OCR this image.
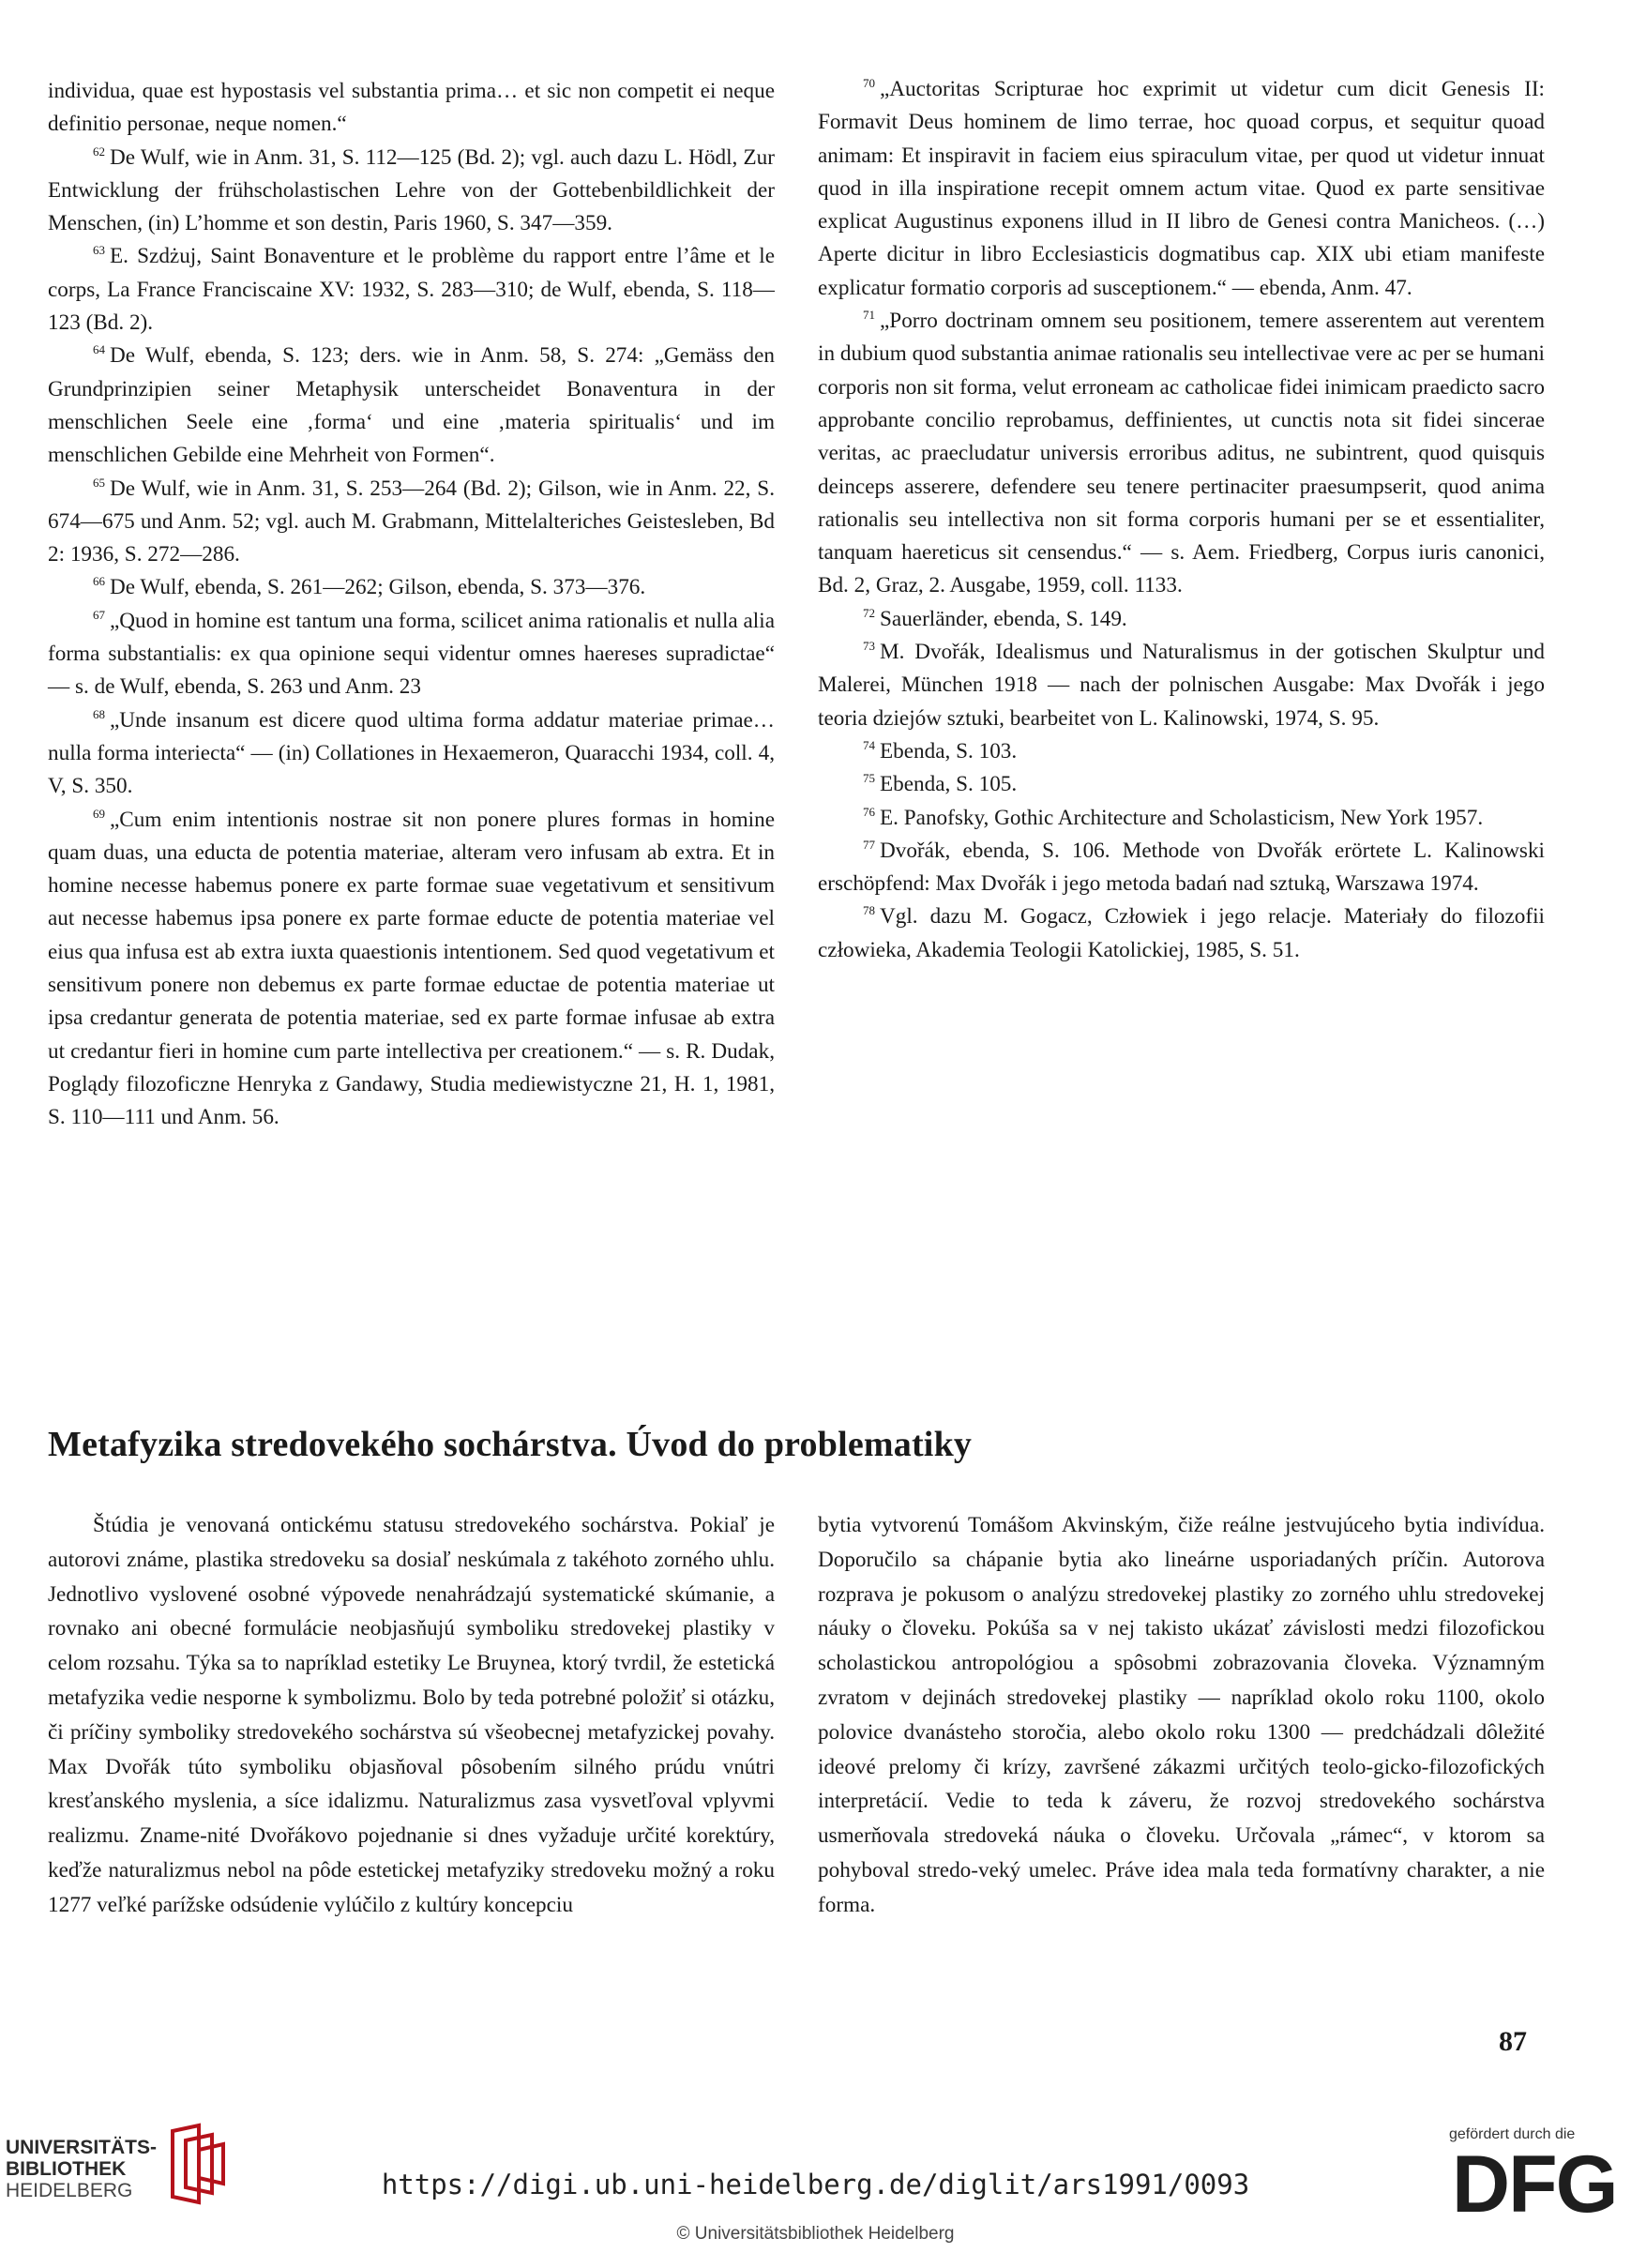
individua, quae est hypostasis vel substantia prima… et sic non competit ei neque definitio personae, neque nomen.“

$^{62}$ De Wulf, wie in Anm. 31, S. 112—125 (Bd. 2); vgl. auch dazu L. Hödl, Zur Entwicklung der frühscholastischen Lehre von der Gottebenbildlichkeit der Menschen, (in) L’homme et son destin, Paris 1960, S. 347—359.

$^{63}$ E. Szdżuj, Saint Bonaventure et le problème du rapport entre l’âme et le corps, La France Franciscaine XV: 1932, S. 283—310; de Wulf, ebenda, S. 118—123 (Bd. 2).

$^{64}$ De Wulf, ebenda, S. 123; ders. wie in Anm. 58, S. 274: „Gemäss den Grundprinzipien seiner Metaphysik unterscheidet Bonaventura in der menschlichen Seele eine ‚forma‘ und eine ‚materia spiritualis‘ und im menschlichen Gebilde eine Mehrheit von Formen“.

$^{65}$ De Wulf, wie in Anm. 31, S. 253—264 (Bd. 2); Gilson, wie in Anm. 22, S. 674—675 und Anm. 52; vgl. auch M. Grabmann, Mittelalteriches Geistesleben, Bd 2: 1936, S. 272—286.

$^{66}$ De Wulf, ebenda, S. 261—262; Gilson, ebenda, S. 373—376.

$^{67}$ „Quod in homine est tantum una forma, scilicet anima rationalis et nulla alia forma substantialis: ex qua opinione sequi videntur omnes haereses supradictae“ — s. de Wulf, ebenda, S. 263 und Anm. 23

$^{68}$ „Unde insanum est dicere quod ultima forma addatur materiae primae… nulla forma interiecta“ — (in) Collationes in Hexaemeron, Quaracchi 1934, coll. 4, V, S. 350.

$^{69}$ „Cum enim intentionis nostrae sit non ponere plures formas in homine quam duas, una educta de potentia materiae, alteram vero infusam ab extra. Et in homine necesse habemus ponere ex parte formae suae vegetativum et sensitivum aut necesse habemus ipsa ponere ex parte formae educte de potentia materiae vel eius qua infusa est ab extra iuxta quaestionis intentionem. Sed quod vegetativum et sensitivum ponere non debemus ex parte formae eductae de potentia materiae ut ipsa credantur generata de potentia materiae, sed ex parte formae infusae ab extra ut credantur fieri in homine cum parte intellectiva per creationem.“ — s. R. Dudak, Poglądy filozoficzne Henryka z Gandawy, Studia mediewistyczne 21, H. 1, 1981, S. 110—111 und Anm. 56.

$^{70}$ „Auctoritas Scripturae hoc exprimit ut videtur cum dicit Genesis II: Formavit Deus hominem de limo terrae, hoc quoad corpus, et sequitur quoad animam: Et inspiravit in faciem eius spiraculum vitae, per quod ut videtur innuat quod in illa inspiratione recepit omnem actum vitae. Quod ex parte sensitivae explicat Augustinus exponens illud in II libro de Genesi contra Manicheos. (…) Aperte dicitur in libro Ecclesiasticis dogmatibus cap. XIX ubi etiam manifeste explicatur formatio corporis ad susceptionem.“ — ebenda, Anm. 47.

$^{71}$ „Porro doctrinam omnem seu positionem, temere asserentem aut verentem in dubium quod substantia animae rationalis seu intellectivae vere ac per se humani corporis non sit forma, velut erroneam ac catholicae fidei inimicam praedicto sacro approbante concilio reprobamus, deffinientes, ut cunctis nota sit fidei sincerae veritas, ac praecludatur universis erroribus aditus, ne subintrent, quod quisquis deinceps asserere, defendere seu tenere pertinaciter praesumpserit, quod anima rationalis seu intellectiva non sit forma corporis humani per se et essentialiter, tanquam haereticus sit censendus.“ — s. Aem. Friedberg, Corpus iuris canonici, Bd. 2, Graz, 2. Ausgabe, 1959, coll. 1133.

$^{72}$ Sauerländer, ebenda, S. 149.

$^{73}$ M. Dvořák, Idealismus und Naturalismus in der gotischen Skulptur und Malerei, München 1918 — nach der polnischen Ausgabe: Max Dvořák i jego teoria dziejów sztuki, bearbeitet von L. Kalinowski, 1974, S. 95.

$^{74}$ Ebenda, S. 103.

$^{75}$ Ebenda, S. 105.

$^{76}$ E. Panofsky, Gothic Architecture and Scholasticism, New York 1957.

$^{77}$ Dvořák, ebenda, S. 106. Methode von Dvořák erörtete L. Kalinowski erschöpfend: Max Dvořák i jego metoda badań nad sztuką, Warszawa 1974.

$^{78}$ Vgl. dazu M. Gogacz, Człowiek i jego relacje. Materiały do filozofii człowieka, Akademia Teologii Katolickiej, 1985, S. 51.

Metafyzika stredovekého sochárstva. Úvod do problematiky

Štúdia je venovaná ontickému statusu stredovekého sochárstva. Pokiaľ je autorovi známe, plastika stredoveku sa dosiaľ neskúmala z takéhoto zorného uhlu. Jednotlivo vyslovené osobné výpovede nenahrádzajú systematické skúmanie, a rovnako ani obecné formulácie neobjasňujú symboliku stredovekej plastiky v celom rozsahu. Týka sa to napríklad estetiky Le Bruynea, ktorý tvrdil, že estetická metafyzika vedie nesporne k symbolizmu. Bolo by teda potrebné položiť si otázku, či príčiny symboliky stredovekého sochárstva sú všeobecnej metafyzickej povahy. Max Dvořák túto symboliku objasňoval pôsobením silného prúdu vnútri kresťanského myslenia, a síce idalizmu. Naturalizmus zasa vysvetľoval vplyvmi realizmu. Zname-nité Dvořákovo pojednanie si dnes vyžaduje určité korektúry, keďže naturalizmus nebol na pôde estetickej metafyziky stredoveku možný a roku 1277 veľké parížske odsúdenie vylúčilo z kultúry koncepciu

bytia vytvorenú Tomášom Akvinským, čiže reálne jestvujúceho bytia indivídua. Doporučilo sa chápanie bytia ako lineárne usporiadaných príčin. Autorova rozprava je pokusom o analýzu stredovekej plastiky zo zorného uhlu stredovekej náuky o človeku. Pokúša sa v nej takisto ukázať závislosti medzi filozofickou scholastickou antropológiou a spôsobmi zobrazovania človeka. Významným zvratom v dejinách stredovekej plastiky — napríklad okolo roku 1100, okolo polovice dvanásteho storočia, alebo okolo roku 1300 — predchádzali dôležité ideové prelomy či krízy, završené zákazmi určitých teolo-gicko-filozofických interpretácií. Vedie to teda k záveru, že rozvoj stredovekého sochárstva usmerňovala stredoveká náuka o človeku. Určovala „rámec“, v ktorom sa pohyboval stredo-veký umelec. Práve idea mala teda formatívny charakter, a nie forma.

87
UNIVERSITÄTS-
BIBLIOTHEK
HEIDELBERG	https://digi.ub.uni-heidelberg.de/diglit/ars1991/0093
© Universitätsbibliothek Heidelberg
gefördert durch die
DFG
